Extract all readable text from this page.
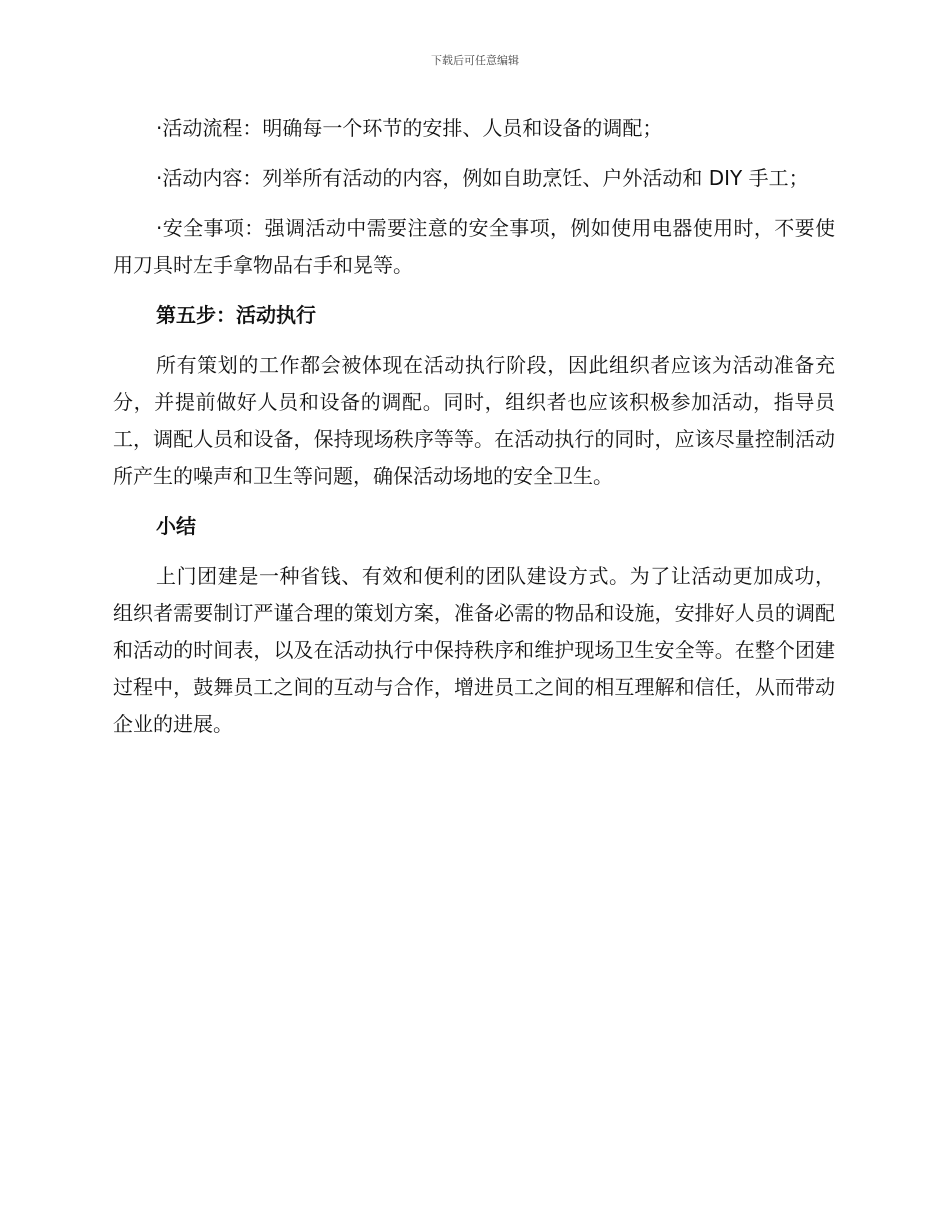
下载后可任意编辑

·活动流程：明确每一个环节的安排、人员和设备的调配；

·活动内容：列举所有活动的内容，例如自助烹饪、户外活动和 DIY 手工；

·安全事项：强调活动中需要注意的安全事项，例如使用电器使用时，不要使用刀具时左手拿物品右手和晃等。

第五步：活动执行

所有策划的工作都会被体现在活动执行阶段，因此组织者应该为活动准备充分，并提前做好人员和设备的调配。同时，组织者也应该积极参加活动，指导员工，调配人员和设备，保持现场秩序等等。在活动执行的同时，应该尽量控制活动所产生的噪声和卫生等问题，确保活动场地的安全卫生。

小结

上门团建是一种省钱、有效和便利的团队建设方式。为了让活动更加成功，组织者需要制订严谨合理的策划方案，准备必需的物品和设施，安排好人员的调配和活动的时间表，以及在活动执行中保持秩序和维护现场卫生安全等。在整个团建过程中，鼓舞员工之间的互动与合作，增进员工之间的相互理解和信任，从而带动企业的进展。
